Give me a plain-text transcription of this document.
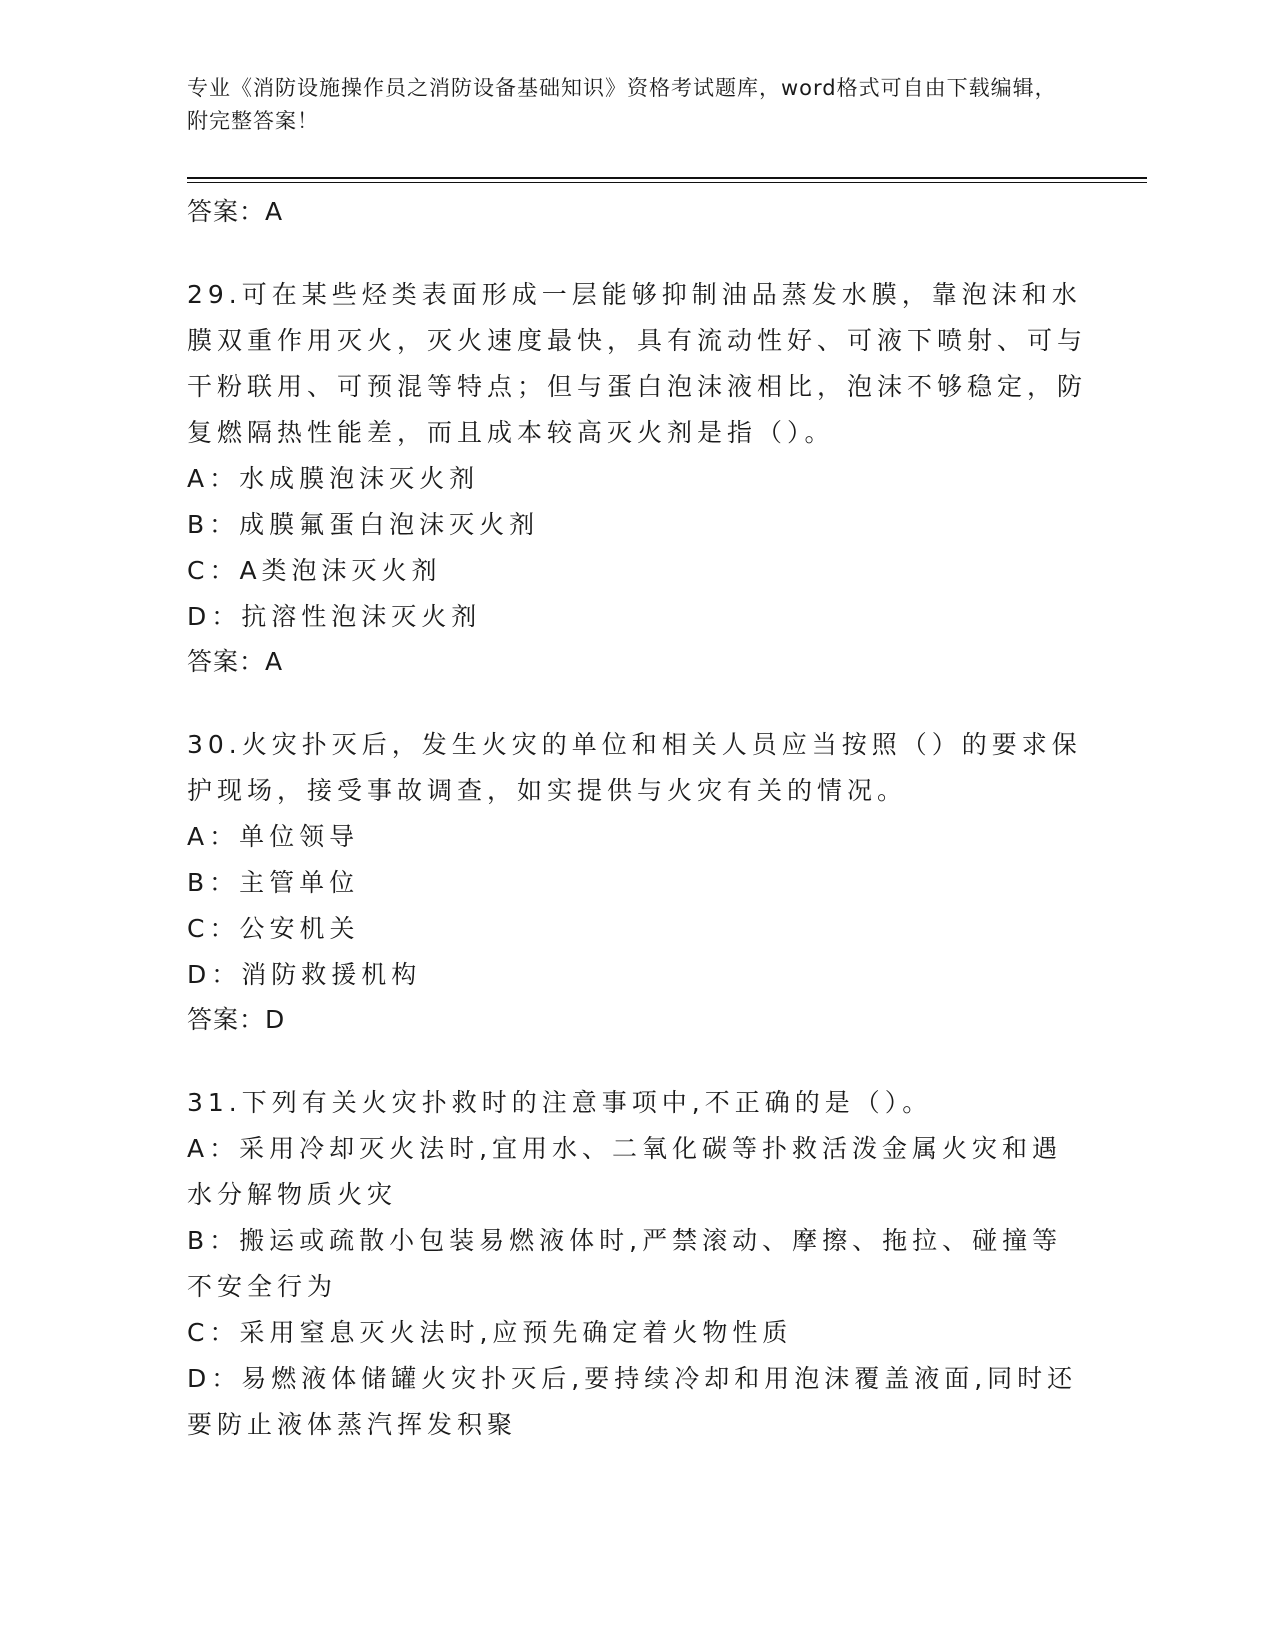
专业《消防设施操作员之消防设备基础知识》资格考试题库，word格式可自由下载编辑，附完整答案！

答案：A

29.可在某些烃类表面形成一层能够抑制油品蒸发水膜，靠泡沫和水膜双重作用灭火，灭火速度最快，具有流动性好、可液下喷射、可与干粉联用、可预混等特点；但与蛋白泡沫液相比，泡沫不够稳定，防复燃隔热性能差，而且成本较高灭火剂是指（）。

A：水成膜泡沫灭火剂

B：成膜氟蛋白泡沫灭火剂

C：A类泡沫灭火剂

D：抗溶性泡沫灭火剂

答案：A

30.火灾扑灭后，发生火灾的单位和相关人员应当按照（）的要求保护现场，接受事故调查，如实提供与火灾有关的情况。

A：单位领导

B：主管单位

C：公安机关

D：消防救援机构

答案：D

31.下列有关火灾扑救时的注意事项中,不正确的是（）。

A：采用冷却灭火法时,宜用水、二氧化碳等扑救活泼金属火灾和遇水分解物质火灾

B：搬运或疏散小包装易燃液体时,严禁滚动、摩擦、拖拉、碰撞等不安全行为

C：采用窒息灭火法时,应预先确定着火物性质

D：易燃液体储罐火灾扑灭后,要持续冷却和用泡沫覆盖液面,同时还要防止液体蒸汽挥发积聚
